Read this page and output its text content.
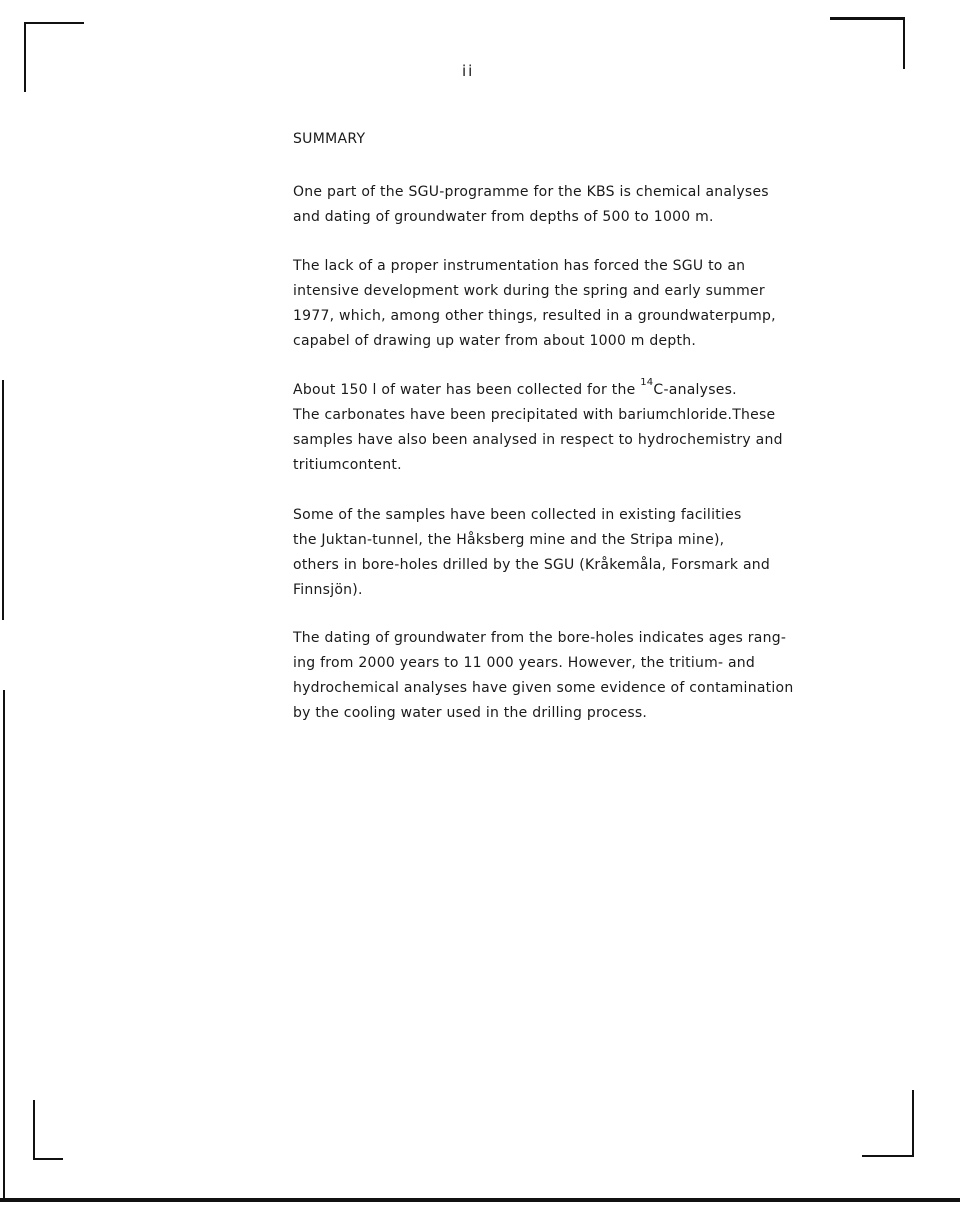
ii
SUMMARY

One part of the SGU-programme for the KBS is chemical analyses
and dating of groundwater from depths of 500 to 1000 m.

The lack of a proper instrumentation has forced the SGU to an
intensive development work during the spring and early summer
1977, which, among other things, resulted in a groundwaterpump,
capabel of drawing up water from about 1000 m depth.

About 150 l of water has been collected for the $^{14}$C-analyses.
The carbonates have been precipitated with bariumchloride.These
samples have also been analysed in respect to hydrochemistry and
tritiumcontent.

Some of the samples have been collected in existing facilities
the Juktan-tunnel, the Håksberg mine and the Stripa mine),
others in bore-holes drilled by the SGU (Kråkemåla, Forsmark and
Finnsjön).

The dating of groundwater from the bore-holes indicates ages rang-
ing from 2000 years to 11 000 years. However, the tritium- and
hydrochemical analyses have given some evidence of contamination
by the cooling water used in the drilling process.
